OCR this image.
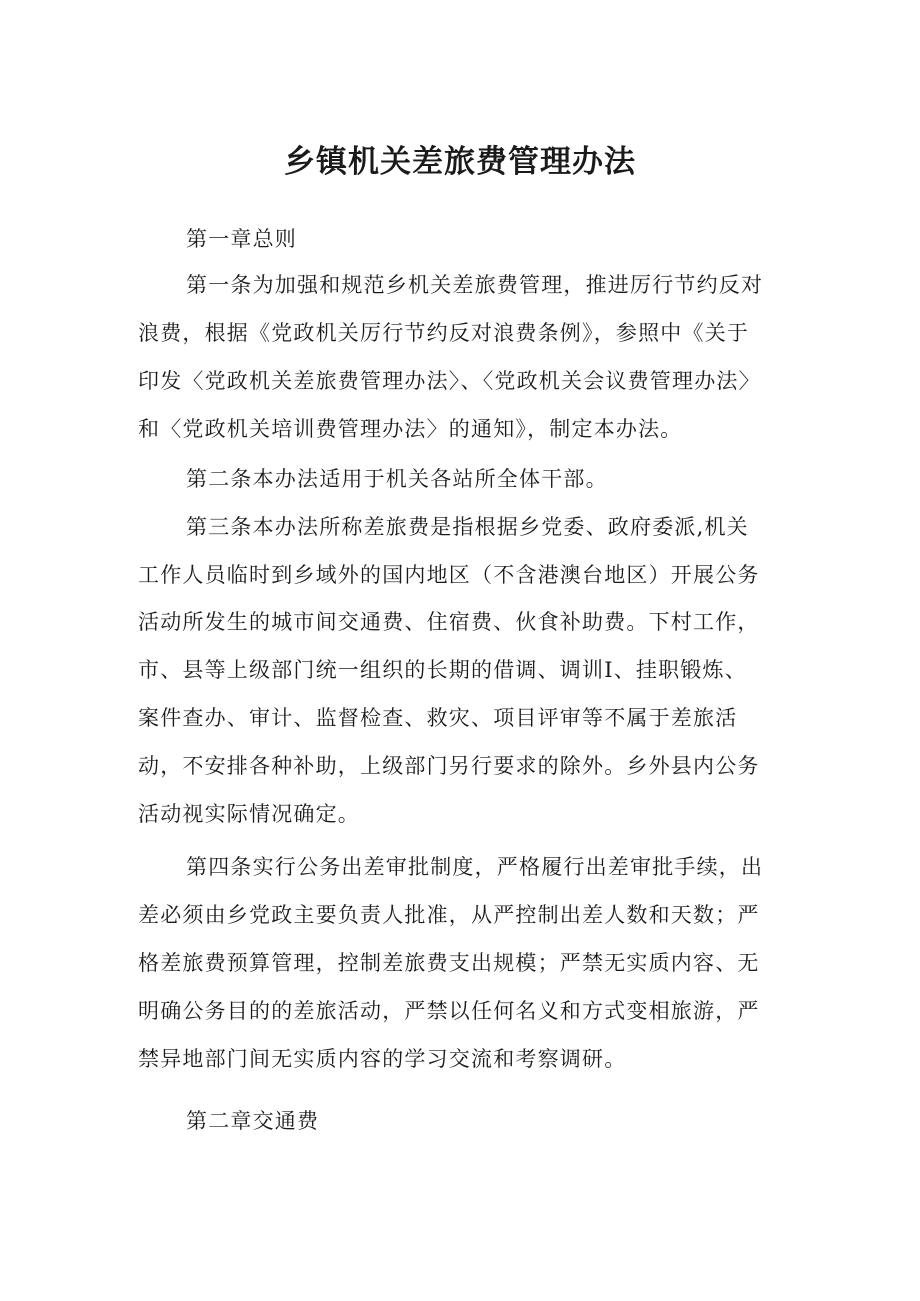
乡镇机关差旅费管理办法
第一章总则
第一条为加强和规范乡机关差旅费管理，推进厉行节约反对
浪费，根据《党政机关厉行节约反对浪费条例》，参照中《关于
印发〈党政机关差旅费管理办法〉、〈党政机关会议费管理办法〉
和〈党政机关培训费管理办法〉的通知》，制定本办法。
第二条本办法适用于机关各站所全体干部。
第三条本办法所称差旅费是指根据乡党委、政府委派,机关
工作人员临时到乡域外的国内地区（不含港澳台地区）开展公务
活动所发生的城市间交通费、住宿费、伙食补助费。下村工作，
市、县等上级部门统一组织的长期的借调、调训I、挂职锻炼、
案件查办、审计、监督检查、救灾、项目评审等不属于差旅活
动，不安排各种补助，上级部门另行要求的除外。乡外县内公务
活动视实际情况确定。
第四条实行公务出差审批制度，严格履行出差审批手续，出
差必须由乡党政主要负责人批准，从严控制出差人数和天数；严
格差旅费预算管理，控制差旅费支出规模；严禁无实质内容、无
明确公务目的的差旅活动，严禁以任何名义和方式变相旅游，严
禁异地部门间无实质内容的学习交流和考察调研。
第二章交通费
